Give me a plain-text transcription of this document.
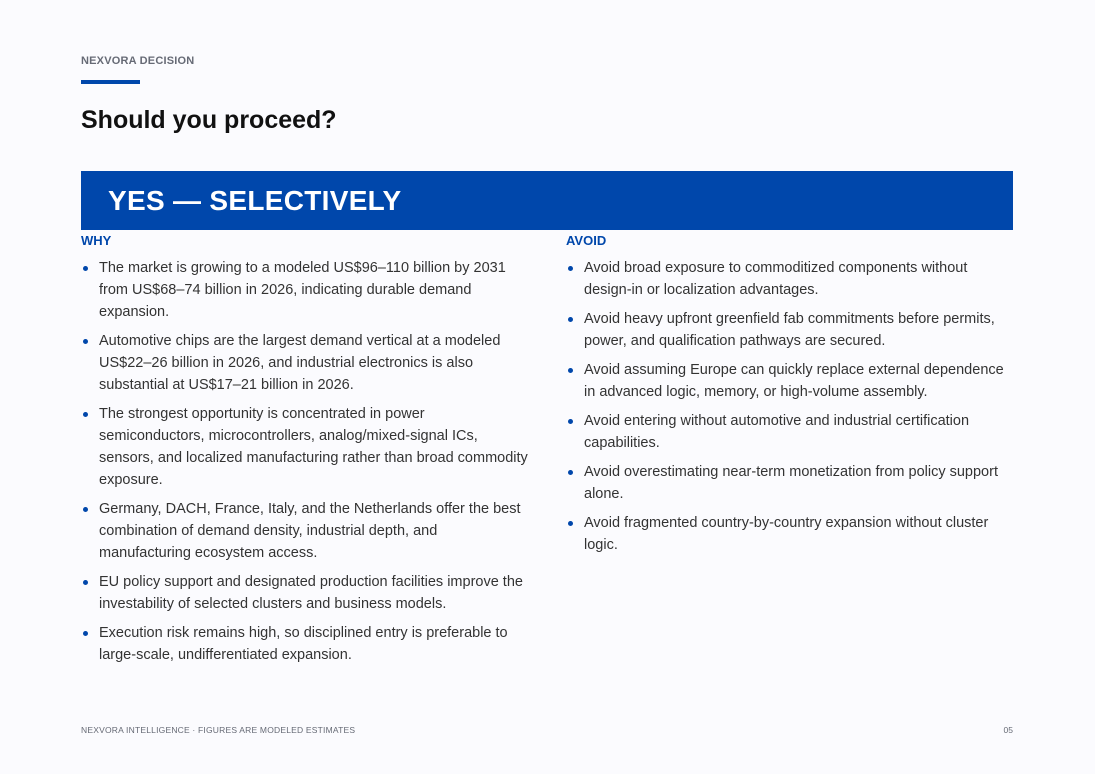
NEXVORA DECISION
Should you proceed?
YES — SELECTIVELY
WHY
The market is growing to a modeled US$96–110 billion by 2031 from US$68–74 billion in 2026, indicating durable demand expansion.
Automotive chips are the largest demand vertical at a modeled US$22–26 billion in 2026, and industrial electronics is also substantial at US$17–21 billion in 2026.
The strongest opportunity is concentrated in power semiconductors, microcontrollers, analog/mixed-signal ICs, sensors, and localized manufacturing rather than broad commodity exposure.
Germany, DACH, France, Italy, and the Netherlands offer the best combination of demand density, industrial depth, and manufacturing ecosystem access.
EU policy support and designated production facilities improve the investability of selected clusters and business models.
Execution risk remains high, so disciplined entry is preferable to large-scale, undifferentiated expansion.
AVOID
Avoid broad exposure to commoditized components without design-in or localization advantages.
Avoid heavy upfront greenfield fab commitments before permits, power, and qualification pathways are secured.
Avoid assuming Europe can quickly replace external dependence in advanced logic, memory, or high-volume assembly.
Avoid entering without automotive and industrial certification capabilities.
Avoid overestimating near-term monetization from policy support alone.
Avoid fragmented country-by-country expansion without cluster logic.
NEXVORA INTELLIGENCE · FIGURES ARE MODELED ESTIMATES	05
